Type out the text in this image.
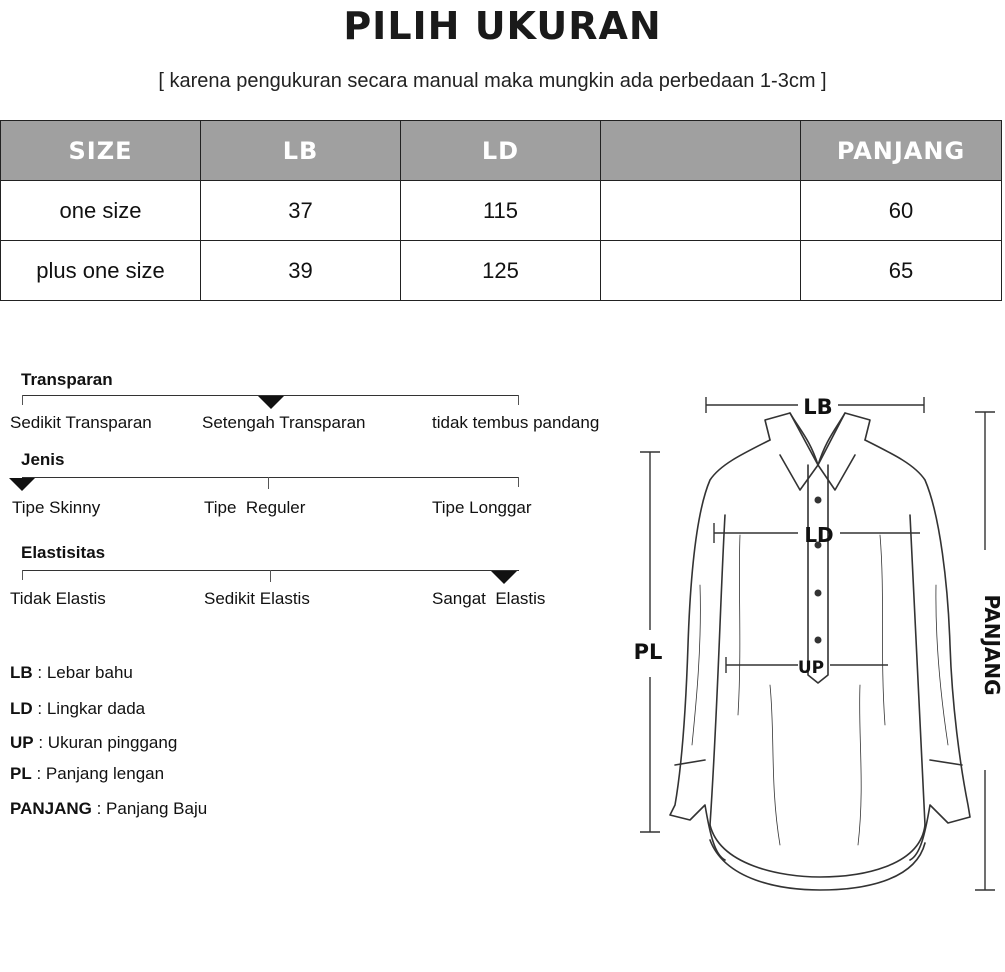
PILIH UKURAN
[ karena pengukuran secara manual maka mungkin ada perbedaan 1-3cm ]
SIZE	LB	LD		PANJANG
one size	37	115		60
plus one size	39	125		65
Transparan
Sedikit Transparan	Setengah Transparan	tidak tembus pandang
Jenis
Tipe Skinny	Tipe  Reguler	Tipe Longgar
Elastisitas
Tidak Elastis	Sedikit Elastis	Sangat  Elastis
LB : Lebar bahu
LD : Lingkar dada
UP : Ukuran pinggang
PL : Panjang lengan
PANJANG : Panjang Baju
LB
LD
UP
PL	PANJANG
